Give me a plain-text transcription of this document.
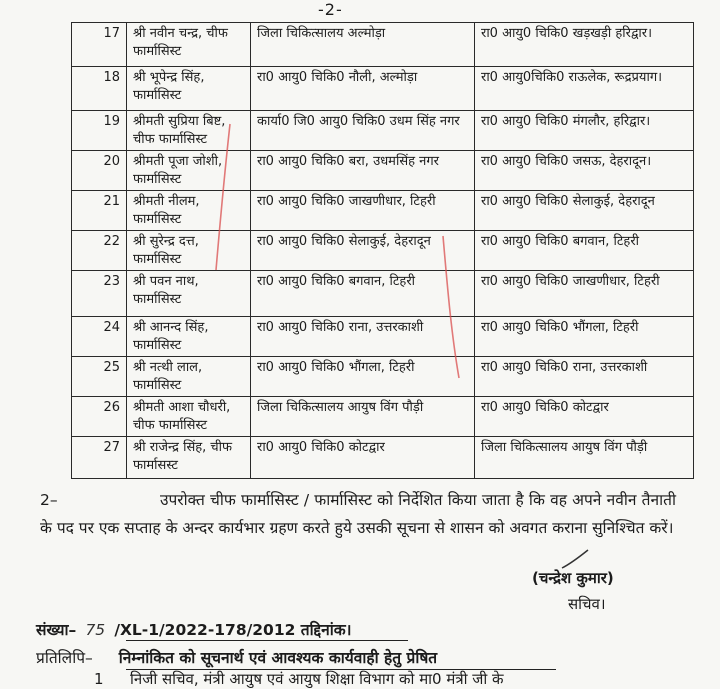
-2-
17	श्री नवीन चन्द्र, चीफ फार्मासिस्ट	जिला चिकित्सालय अल्मोड़ा	रा0 आयु0 चिकि0 खड़खड़ी हरिद्वार।
18	श्री भूपेन्द्र सिंह, फार्मासिस्ट	रा0 आयु0 चिकि0 नौली, अल्मोड़ा	रा0 आयु0चिकि0 राऊलेक, रूद्रप्रयाग।
19	श्रीमती सुप्रिया बिष्ट, चीफ फार्मासिस्ट	कार्या0 जि0 आयु0 चिकि0 उधम सिंह नगर	रा0 आयु0 चिकि0 मंगलौर, हरिद्वार।
20	श्रीमती पूजा जोशी, फार्मासिस्ट	रा0 आयु0 चिकि0 बरा, उधमसिंह नगर	रा0 आयु0 चिकि0 जसऊ, देहरादून।
21	श्रीमती नीलम, फार्मासिस्ट	रा0 आयु0 चिकि0 जाखणीधार, टिहरी	रा0 आयु0 चिकि0 सेलाकुई, देहरादून
22	श्री सुरेन्द्र दत्त, फार्मासिस्ट	रा0 आयु0 चिकि0 सेलाकुई, देहरादून	रा0 आयु0 चिकि0 बगवान, टिहरी
23	श्री पवन नाथ, फार्मासिस्ट	रा0 आयु0 चिकि0 बगवान, टिहरी	रा0 आयु0 चिकि0 जाखणीधार, टिहरी
24	श्री आनन्द सिंह, फार्मासिस्ट	रा0 आयु0 चिकि0 राना, उत्तरकाशी	रा0 आयु0 चिकि0 भौंगला, टिहरी
25	श्री नत्थी लाल, फार्मासिस्ट	रा0 आयु0 चिकि0 भौंगला, टिहरी	रा0 आयु0 चिकि0 राना, उत्तरकाशी
26	श्रीमती आशा चौधरी, चीफ फार्मासिस्ट	जिला चिकित्सालय आयुष विंग पौड़ी	रा0 आयु0 चिकि0 कोटद्वार
27	श्री राजेन्द्र सिंह, चीफ फार्मासस्ट	रा0 आयु0 चिकि0 कोटद्वार	जिला चिकित्सालय आयुष विंग पौड़ी
2–	उपरोक्त चीफ फार्मासिस्ट / फार्मासिस्ट को निर्देशित किया जाता है कि वह अपने नवीन तैनाती के पद पर एक सप्ताह के अन्दर कार्यभार ग्रहण करते हुये उसकी सूचना से शासन को अवगत कराना सुनिश्चित करें।
(चन्द्रेश कुमार)
सचिव।
संख्या– 75 /XL-1/2022-178/2012 तद्दिनांक।
प्रतिलिपि– निम्नांकित को सूचनार्थ एवं आवश्यक कार्यवाही हेतु प्रेषित
1 निजी सचिव, मंत्री आयुष एवं आयुष शिक्षा विभाग को मा0 मंत्री जी के
